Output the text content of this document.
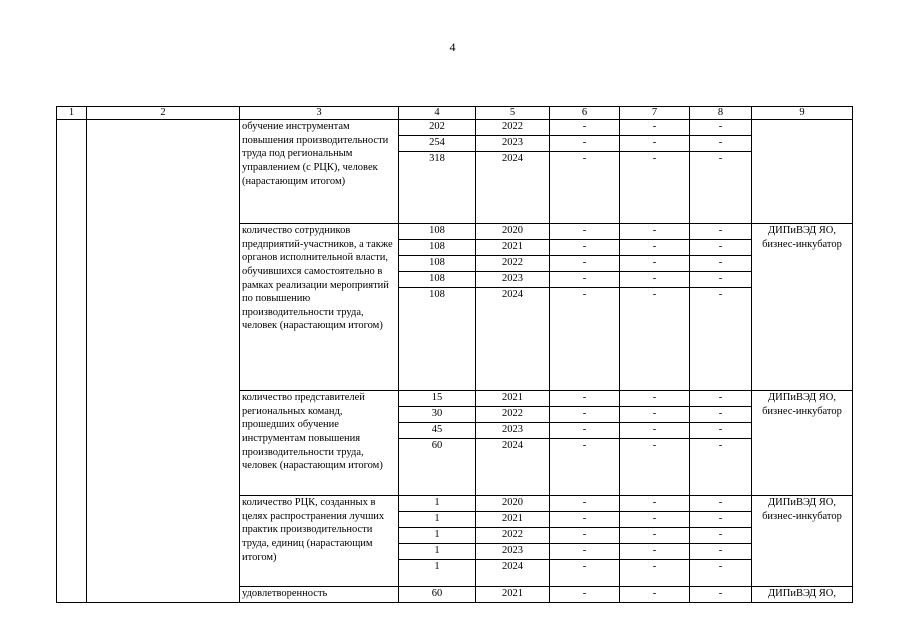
4
1	2	3	4	5	6	7	8	9
		обучение инструментам повышения производительности труда под региональным управлением (с РЦК), человек (нарастающим итогом)	202	2022	-	-	-	
			254	2023	-	-	-	
			318	2024	-	-	-	
		количество сотрудников предприятий-участников, а также органов исполнительной власти, обучившихся самостоятельно в рамках реализации мероприятий по повышению производительности труда, человек (нарастающим итогом)	108	2020	-	-	-	ДИПиВЭД ЯО, бизнес-инкубатор
			108	2021	-	-	-	
			108	2022	-	-	-	
			108	2023	-	-	-	
			108	2024	-	-	-	
		количество представителей региональных команд, прошедших обучение инструментам повышения производительности труда, человек (нарастающим итогом)	15	2021	-	-	-	ДИПиВЭД ЯО, бизнес-инкубатор
			30	2022	-	-	-	
			45	2023	-	-	-	
			60	2024	-	-	-	
		количество РЦК, созданных в целях распространения лучших практик производительности труда, единиц (нарастающим итогом)	1	2020	-	-	-	ДИПиВЭД ЯО, бизнес-инкубатор
			1	2021	-	-	-	
			1	2022	-	-	-	
			1	2023	-	-	-	
			1	2024	-	-	-	
		удовлетворенность	60	2021	-	-	-	ДИПиВЭД ЯО,
